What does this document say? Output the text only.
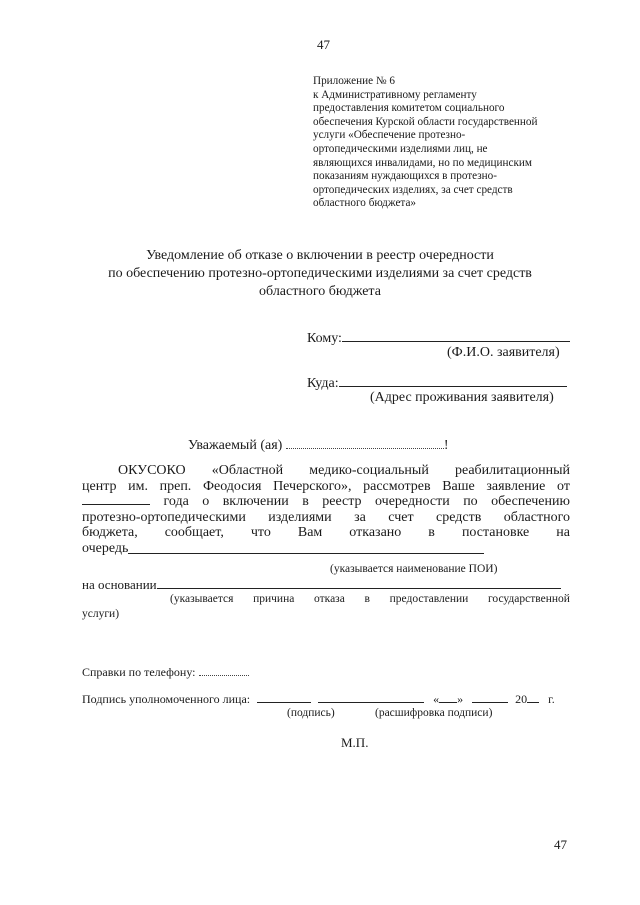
47
Приложение № 6
к Административному регламенту
предоставления комитетом социального
обеспечения Курской области государственной
услуги «Обеспечение протезно-
ортопедическими изделиями лиц, не
являющихся инвалидами, но по медицинским
показаниям нуждающихся в протезно-
ортопедических изделиях, за счет средств
областного бюджета»
Уведомление об отказе о включении в реестр очередности
по обеспечению протезно-ортопедическими изделиями за счет средств
областного бюджета
Кому:
(Ф.И.О. заявителя)
Куда:
(Адрес проживания заявителя)
Уважаемый (ая)	!
ОКУСОКО «Областной медико-социальный реабилитационный
центр им. преп. Феодосия Печерского», рассмотрев Ваше заявление от
года о включении в реестр очередности по обеспечению
протезно-ортопедическими изделиями за счет средств областного
бюджета, сообщает, что Вам отказано в постановке на
очередь
(указывается наименование ПОИ)
на основании
(указывается причина отказа в предоставлении государственной
услуги)
Справки по телефону:
Подпись уполномоченного лица:	« »	20 г.
(подпись)	(расшифровка подписи)
М.П.
47
